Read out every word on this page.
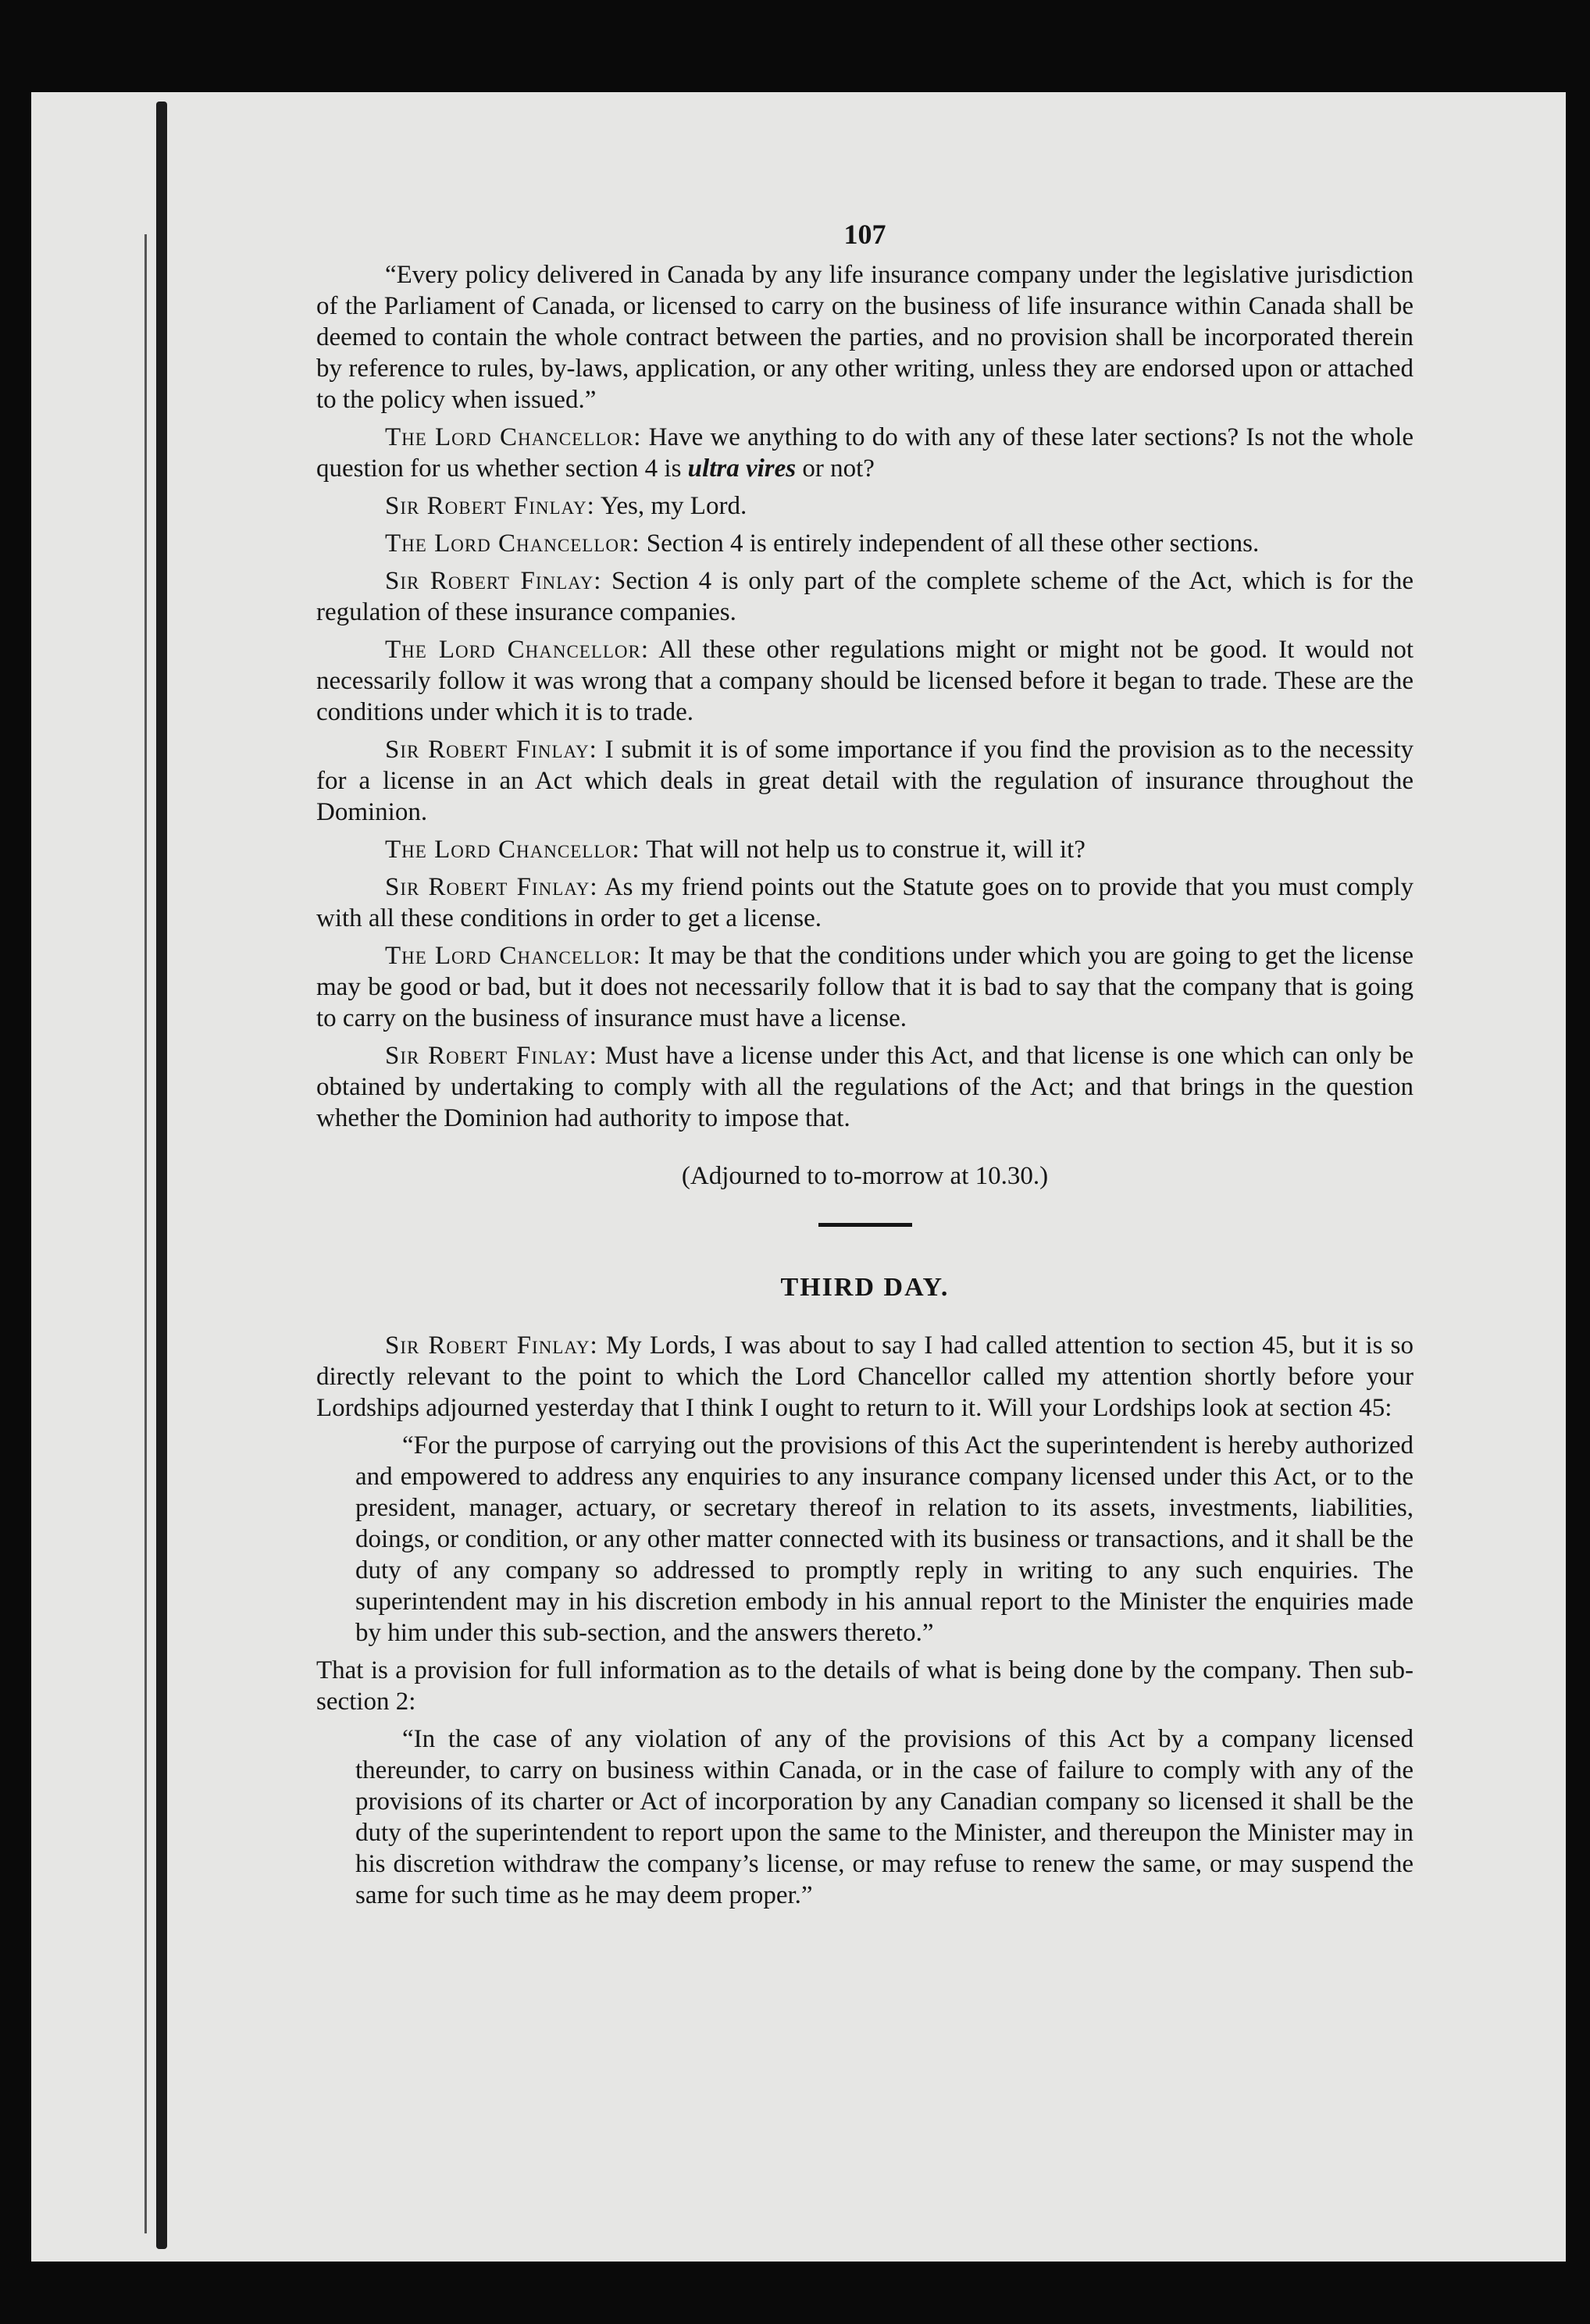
107

“Every policy delivered in Canada by any life insurance company under the legislative jurisdiction of the Parliament of Canada, or licensed to carry on the business of life insurance within Canada shall be deemed to contain the whole contract between the parties, and no provision shall be incorporated therein by reference to rules, by-laws, application, or any other writing, unless they are endorsed upon or attached to the policy when issued.”

The Lord Chancellor: Have we anything to do with any of these later sections? Is not the whole question for us whether section 4 is ultra vires or not?

Sir Robert Finlay: Yes, my Lord.

The Lord Chancellor: Section 4 is entirely independent of all these other sections.

Sir Robert Finlay: Section 4 is only part of the complete scheme of the Act, which is for the regulation of these insurance companies.

The Lord Chancellor: All these other regulations might or might not be good. It would not necessarily follow it was wrong that a company should be licensed before it began to trade. These are the conditions under which it is to trade.

Sir Robert Finlay: I submit it is of some importance if you find the provision as to the necessity for a license in an Act which deals in great detail with the regulation of insurance throughout the Dominion.

The Lord Chancellor: That will not help us to construe it, will it?

Sir Robert Finlay: As my friend points out the Statute goes on to provide that you must comply with all these conditions in order to get a license.

The Lord Chancellor: It may be that the conditions under which you are going to get the license may be good or bad, but it does not necessarily follow that it is bad to say that the company that is going to carry on the business of insurance must have a license.

Sir Robert Finlay: Must have a license under this Act, and that license is one which can only be obtained by undertaking to comply with all the regulations of the Act; and that brings in the question whether the Dominion had authority to impose that.

(Adjourned to to-morrow at 10.30.)
THIRD DAY.

Sir Robert Finlay: My Lords, I was about to say I had called attention to section 45, but it is so directly relevant to the point to which the Lord Chancellor called my attention shortly before your Lordships adjourned yesterday that I think I ought to return to it. Will your Lordships look at section 45:

“For the purpose of carrying out the provisions of this Act the superintendent is hereby authorized and empowered to address any enquiries to any insurance company licensed under this Act, or to the president, manager, actuary, or secretary thereof in relation to its assets, investments, liabilities, doings, or condition, or any other matter connected with its business or transactions, and it shall be the duty of any company so addressed to promptly reply in writing to any such enquiries. The superintendent may in his discretion embody in his annual report to the Minister the enquiries made by him under this sub-section, and the answers thereto.”

That is a provision for full information as to the details of what is being done by the company. Then sub-section 2:

“In the case of any violation of any of the provisions of this Act by a company licensed thereunder, to carry on business within Canada, or in the case of failure to comply with any of the provisions of its charter or Act of incorporation by any Canadian company so licensed it shall be the duty of the superintendent to report upon the same to the Minister, and thereupon the Minister may in his discretion withdraw the company’s license, or may refuse to renew the same, or may suspend the same for such time as he may deem proper.”
